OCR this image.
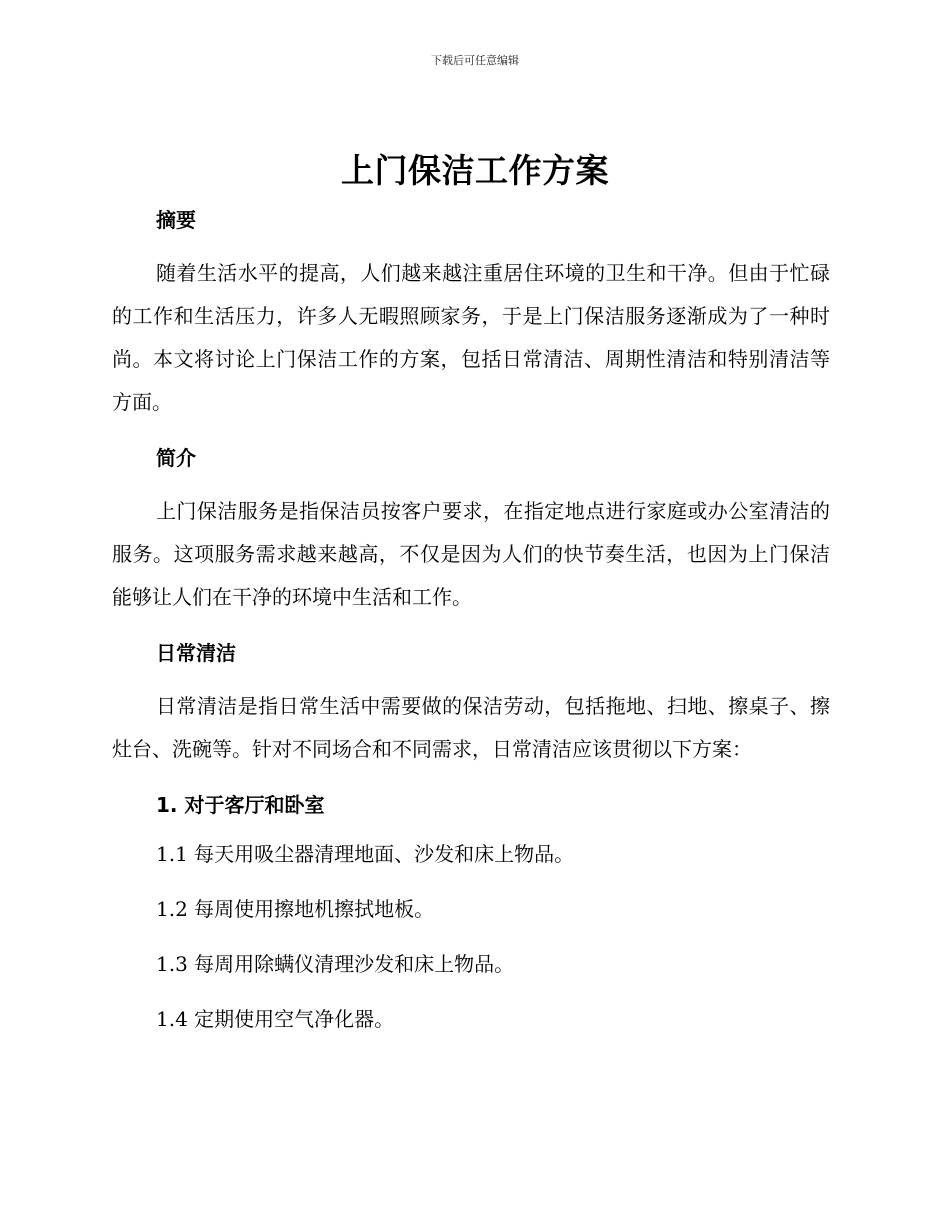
下载后可任意编辑
上门保洁工作方案
摘要

随着生活水平的提高，人们越来越注重居住环境的卫生和干净。但由于忙碌的工作和生活压力，许多人无暇照顾家务，于是上门保洁服务逐渐成为了一种时尚。本文将讨论上门保洁工作的方案，包括日常清洁、周期性清洁和特别清洁等方面。

简介

上门保洁服务是指保洁员按客户要求，在指定地点进行家庭或办公室清洁的服务。这项服务需求越来越高，不仅是因为人们的快节奏生活，也因为上门保洁能够让人们在干净的环境中生活和工作。

日常清洁

日常清洁是指日常生活中需要做的保洁劳动，包括拖地、扫地、擦桌子、擦灶台、洗碗等。针对不同场合和不同需求，日常清洁应该贯彻以下方案：

1. 对于客厅和卧室

1.1 每天用吸尘器清理地面、沙发和床上物品。

1.2 每周使用擦地机擦拭地板。

1.3 每周用除螨仪清理沙发和床上物品。

1.4 定期使用空气净化器。
